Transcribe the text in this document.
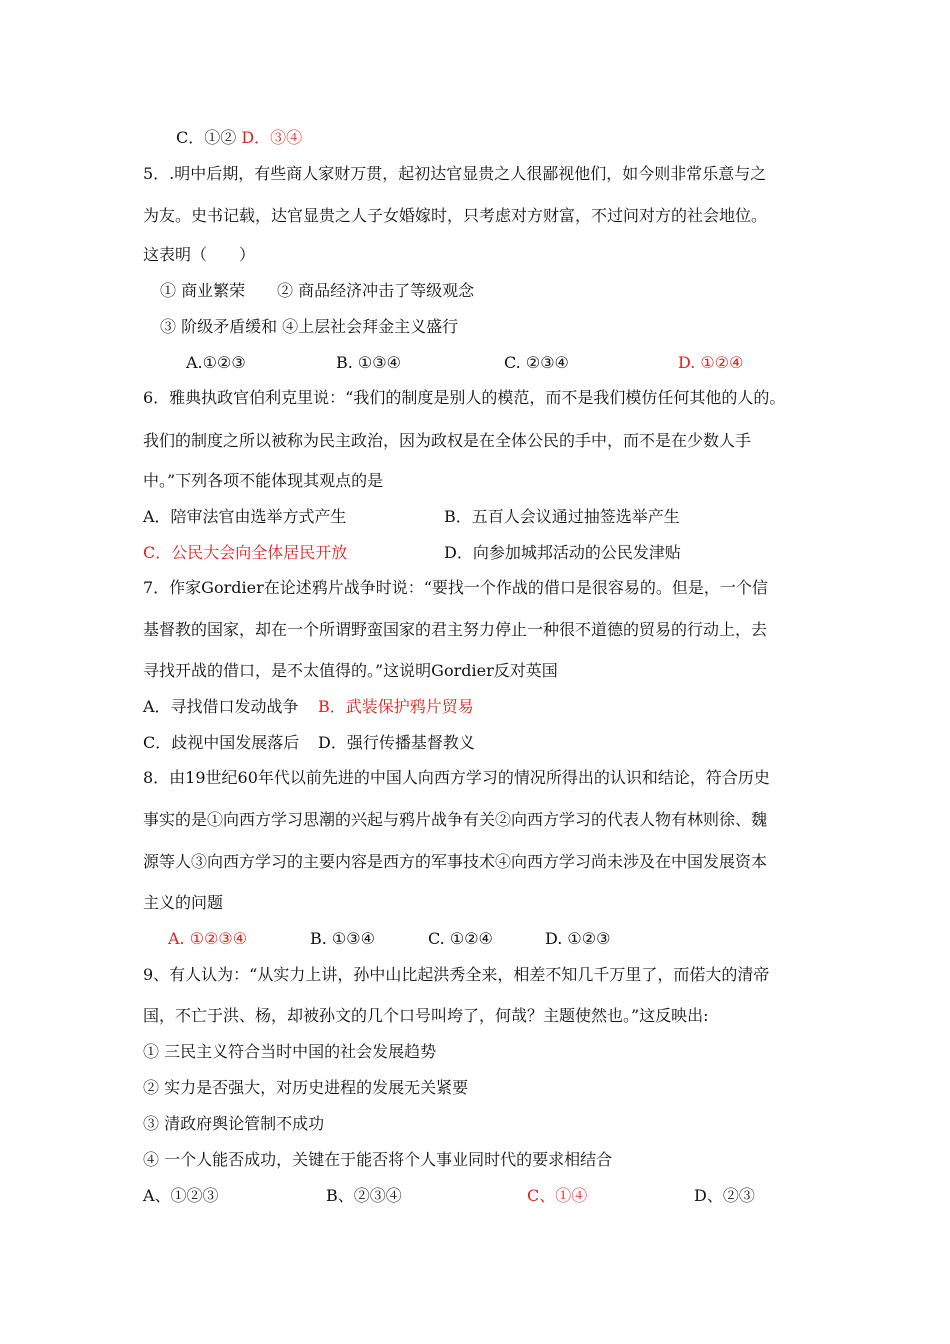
C．①② D．③④
5．.明中后期，有些商人家财万贯，起初达官显贵之人很鄙视他们，如今则非常乐意与之
为友。史书记载，达官显贵之人子女婚嫁时，只考虑对方财富，不过问对方的社会地位。
这表明（　　）
① 商业繁荣 ② 商品经济冲击了等级观念
③ 阶级矛盾缓和 ④上层社会拜金主义盛行
A.①②③	B. ①③④	C. ②③④	D. ①②④
6．雅典执政官伯利克里说：“我们的制度是别人的模范，而不是我们模仿任何其他的人的。
我们的制度之所以被称为民主政治，因为政权是在全体公民的手中，而不是在少数人手
中。”下列各项不能体现其观点的是
A．陪审法官由选举方式产生	B．五百人会议通过抽签选举产生
C．公民大会向全体居民开放	D．向参加城邦活动的公民发津贴
7．作家Gordier在论述鸦片战争时说：“要找一个作战的借口是很容易的。但是，一个信
基督教的国家，却在一个所谓野蛮国家的君主努力停止一种很不道德的贸易的行动上，去
寻找开战的借口，是不太值得的。”这说明Gordier反对英国
A．寻找借口发动战争 B．武装保护鸦片贸易
C．歧视中国发展落后 D．强行传播基督教义
8．由19世纪60年代以前先进的中国人向西方学习的情况所得出的认识和结论，符合历史
事实的是①向西方学习思潮的兴起与鸦片战争有关②向西方学习的代表人物有林则徐、魏
源等人③向西方学习的主要内容是西方的军事技术④向西方学习尚未涉及在中国发展资本
主义的问题
A. ①②③④	B. ①③④	C. ①②④	D. ①②③
9、有人认为：“从实力上讲，孙中山比起洪秀全来，相差不知几千万里了，而偌大的清帝
国，不亡于洪、杨，却被孙文的几个口号叫垮了，何哉？主题使然也。”这反映出:
① 三民主义符合当时中国的社会发展趋势
② 实力是否强大，对历史进程的发展无关紧要
③ 清政府舆论管制不成功
④ 一个人能否成功，关键在于能否将个人事业同时代的要求相结合
A、①②③	B、②③④	C、①④	D、②③
